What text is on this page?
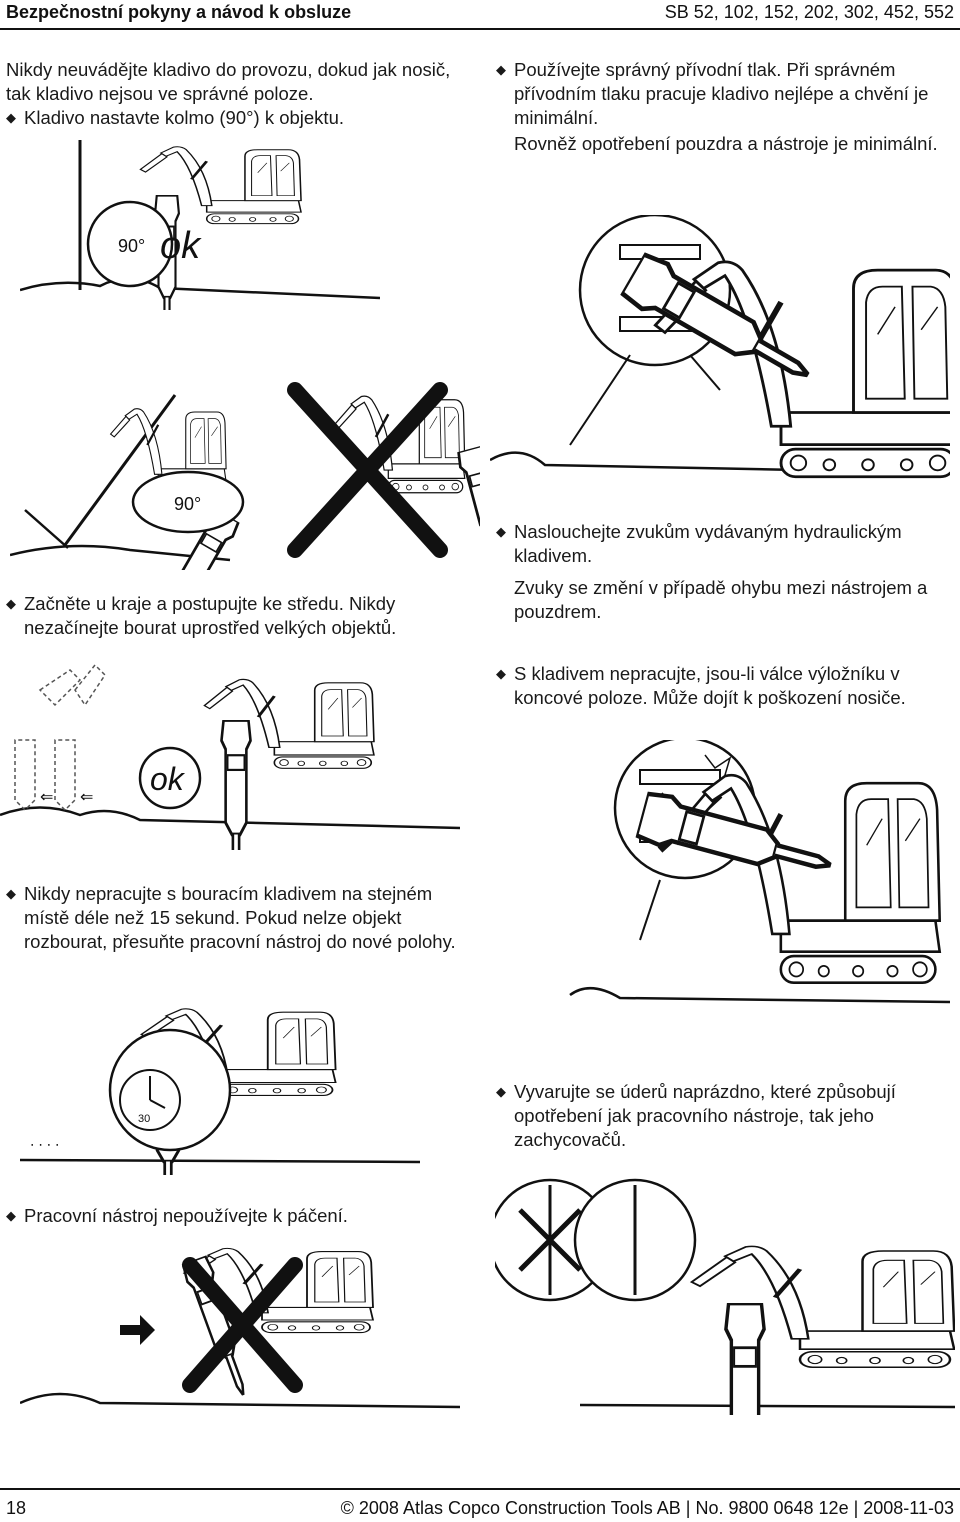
Bezpečnostní pokyny a návod k obsluze	SB 52, 102, 152, 202, 302, 452, 552

Nikdy neuvádějte kladivo do provozu, dokud jak nosič, tak kladivo nejsou ve správné poloze.

◆ Kladivo nastavte kolmo (90°) k objektu.

90° ok

◆ Používejte správný přívodní tlak. Při správném přívodním tlaku pracuje kladivo nejlépe a chvění je minimální.

Rovněž opotřebení pouzdra a nástroje je minimální.

90°

◆ Začněte u kraje a postupujte ke středu. Nikdy nezačínejte bourat uprostřed velkých objektů.

◆ Naslouchejte zvukům vydávaným hydraulickým kladivem.

Zvuky se změní v případě ohybu mezi nástrojem a pouzdrem.

⇐ ⇐
ok

◆ S kladivem nepracujte, jsou-li válce výložníku v koncové poloze. Může dojít k poškození nosiče.

◆ Nikdy nepracujte s bouracím kladivem na stejném místě déle než 15 sekund. Pokud nelze objekt rozbourat, přesuňte pracovní nástroj do nové polohy.

30
‧ ‧ ‧ ‧

◆ Vyvarujte se úderů naprázdno, které způsobují opotřebení jak pracovního nástroje, tak jeho zachycovačů.

◆ Pracovní nástroj nepoužívejte k páčení.

18	© 2008 Atlas Copco Construction Tools AB | No. 9800 0648 12e | 2008-11-03
